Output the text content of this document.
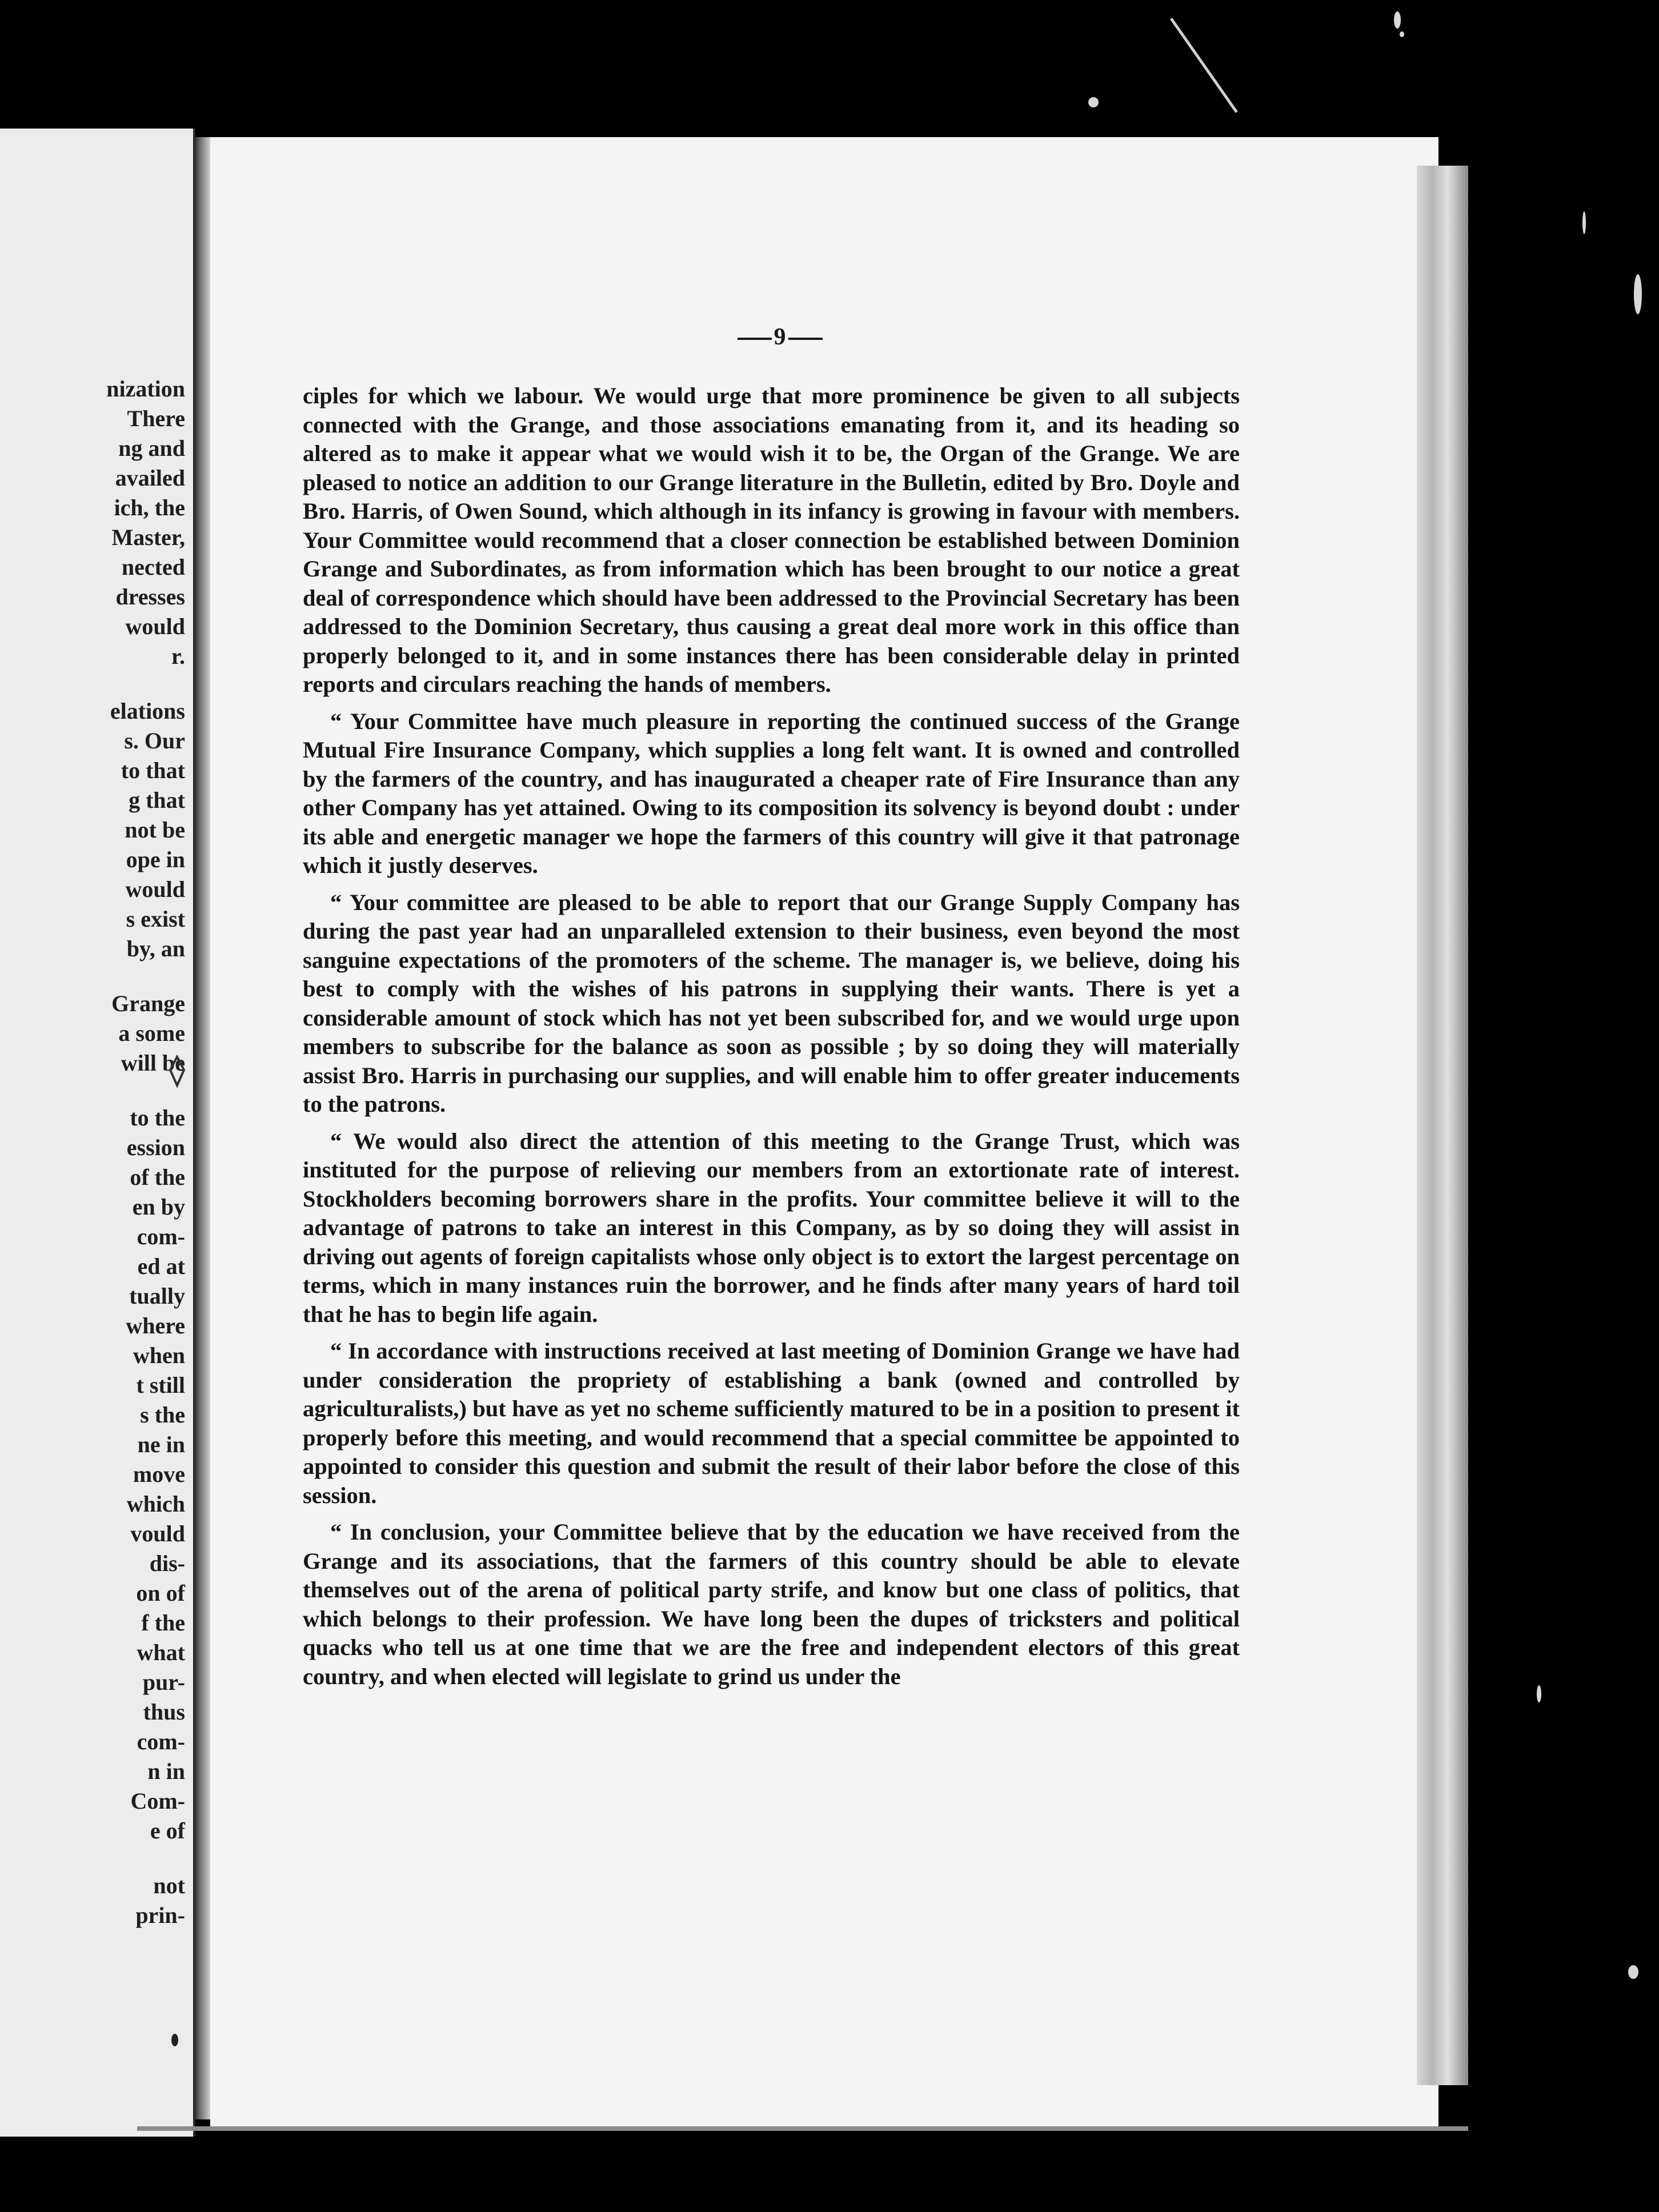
nization
There
ng and
availed
ich, the
Master,
nected
dresses
would
r.
elations
s. Our
to that
g that
not be
ope in
would
s exist
by, an
Grange
a some
will be
to the
ession
of the
en by
com-
ed at
tually
where
when
t still
s the
ne in
move
which
vould
dis-
on of
f the
what
pur-
thus
com-
n in
Com-
e of
not
prin-
9

ciples for which we labour. We would urge that more prominence be given to all subjects connected with the Grange, and those associations emanating from it, and its heading so altered as to make it appear what we would wish it to be, the Organ of the Grange. We are pleased to notice an addition to our Grange literature in the Bulletin, edited by Bro. Doyle and Bro. Harris, of Owen Sound, which although in its infancy is growing in favour with members. Your Committee would recommend that a closer connection be established between Dominion Grange and Subordinates, as from information which has been brought to our notice a great deal of correspondence which should have been addressed to the Provincial Secretary has been addressed to the Dominion Secretary, thus causing a great deal more work in this office than properly belonged to it, and in some instances there has been considerable delay in printed reports and circulars reaching the hands of members.

“ Your Committee have much pleasure in reporting the continued success of the Grange Mutual Fire Insurance Company, which supplies a long felt want. It is owned and controlled by the farmers of the country, and has inaugurated a cheaper rate of Fire Insurance than any other Company has yet attained. Owing to its composition its solvency is beyond doubt : under its able and energetic manager we hope the farmers of this country will give it that patronage which it justly deserves.

“ Your committee are pleased to be able to report that our Grange Supply Company has during the past year had an unparalleled extension to their business, even beyond the most sanguine expectations of the promoters of the scheme. The manager is, we believe, doing his best to comply with the wishes of his patrons in supplying their wants. There is yet a considerable amount of stock which has not yet been subscribed for, and we would urge upon members to subscribe for the balance as soon as possible ; by so doing they will materially assist Bro. Harris in purchasing our supplies, and will enable him to offer greater inducements to the patrons.

“ We would also direct the attention of this meeting to the Grange Trust, which was instituted for the purpose of relieving our members from an extortionate rate of interest. Stockholders becoming borrowers share in the profits. Your committee believe it will to the advantage of patrons to take an interest in this Company, as by so doing they will assist in driving out agents of foreign capitalists whose only object is to extort the largest percentage on terms, which in many instances ruin the borrower, and he finds after many years of hard toil that he has to begin life again.

“ In accordance with instructions received at last meeting of Dominion Grange we have had under consideration the propriety of establishing a bank (owned and controlled by agriculturalists,) but have as yet no scheme sufficiently matured to be in a position to present it properly before this meeting, and would recommend that a special committee be appointed to appointed to consider this question and submit the result of their labor before the close of this session.

“ In conclusion, your Committee believe that by the education we have received from the Grange and its associations, that the farmers of this country should be able to elevate themselves out of the arena of political party strife, and know but one class of politics, that which belongs to their profession. We have long been the dupes of tricksters and political quacks who tell us at one time that we are the free and independent electors of this great country, and when elected will legislate to grind us under the
